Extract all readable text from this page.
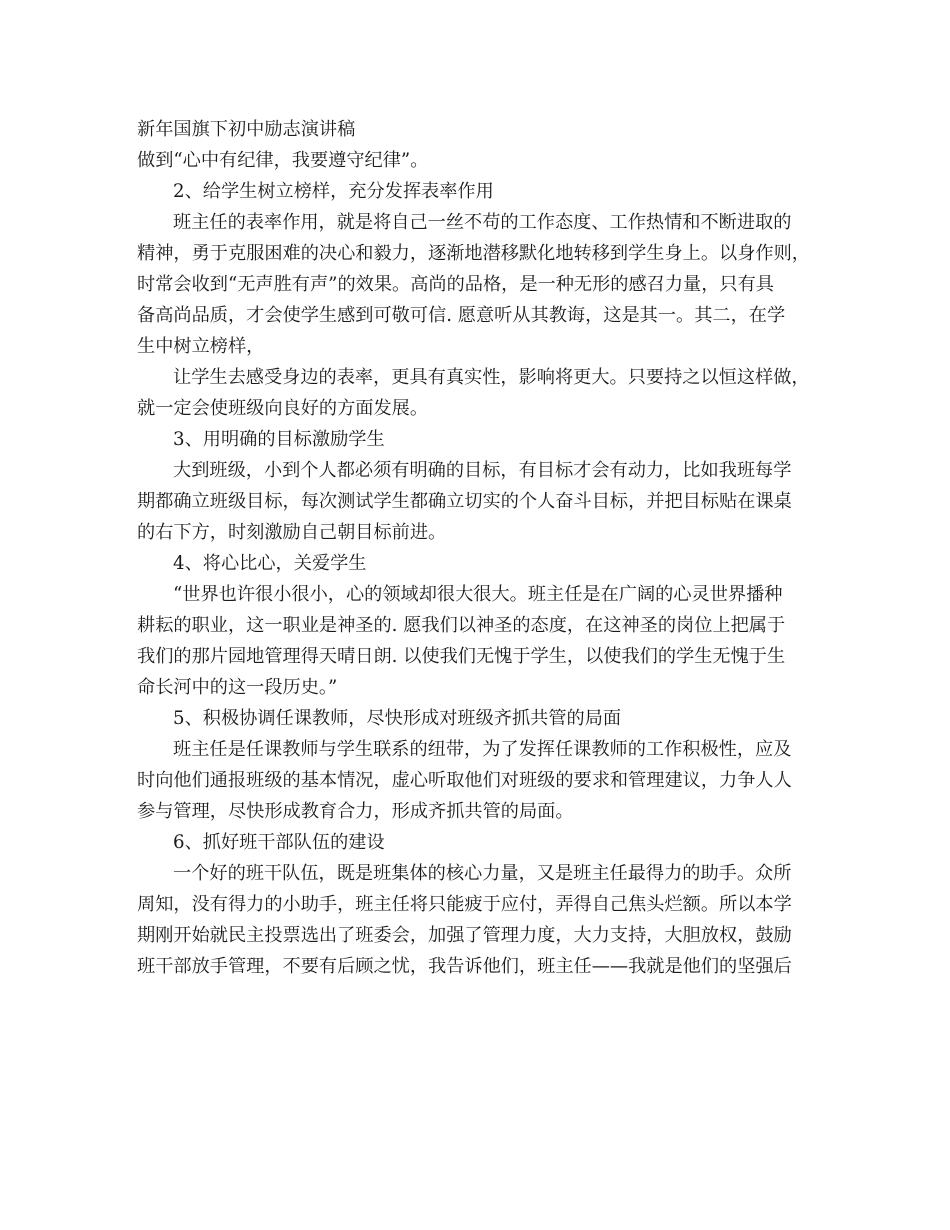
新年国旗下初中励志演讲稿
做到“心中有纪律，我要遵守纪律”。
2、给学生树立榜样，充分发挥表率作用
班主任的表率作用，就是将自己一丝不苟的工作态度、工作热情和不断进取的
精神，勇于克服困难的决心和毅力，逐渐地潜移默化地转移到学生身上。以身作则，
时常会收到“无声胜有声”的效果。高尚的品格，是一种无形的感召力量，只有具
备高尚品质，才会使学生感到可敬可信. 愿意听从其教诲，这是其一。其二，在学
生中树立榜样，
让学生去感受身边的表率，更具有真实性，影响将更大。只要持之以恒这样做，
就一定会使班级向良好的方面发展。
3、用明确的目标激励学生
大到班级，小到个人都必须有明确的目标，有目标才会有动力，比如我班每学
期都确立班级目标，每次测试学生都确立切实的个人奋斗目标，并把目标贴在课桌
的右下方，时刻激励自己朝目标前进。
4、将心比心，关爱学生
“世界也许很小很小，心的领域却很大很大。班主任是在广阔的心灵世界播种
耕耘的职业，这一职业是神圣的. 愿我们以神圣的态度，在这神圣的岗位上把属于
我们的那片园地管理得天晴日朗. 以使我们无愧于学生，以使我们的学生无愧于生
命长河中的这一段历史。”
5、积极协调任课教师，尽快形成对班级齐抓共管的局面
班主任是任课教师与学生联系的纽带，为了发挥任课教师的工作积极性，应及
时向他们通报班级的基本情况，虚心听取他们对班级的要求和管理建议，力争人人
参与管理，尽快形成教育合力，形成齐抓共管的局面。
6、抓好班干部队伍的建设
一个好的班干队伍，既是班集体的核心力量，又是班主任最得力的助手。众所
周知，没有得力的小助手，班主任将只能疲于应付，弄得自己焦头烂额。所以本学
期刚开始就民主投票选出了班委会，加强了管理力度，大力支持，大胆放权，鼓励
班干部放手管理，不要有后顾之忧，我告诉他们，班主任——我就是他们的坚强后
